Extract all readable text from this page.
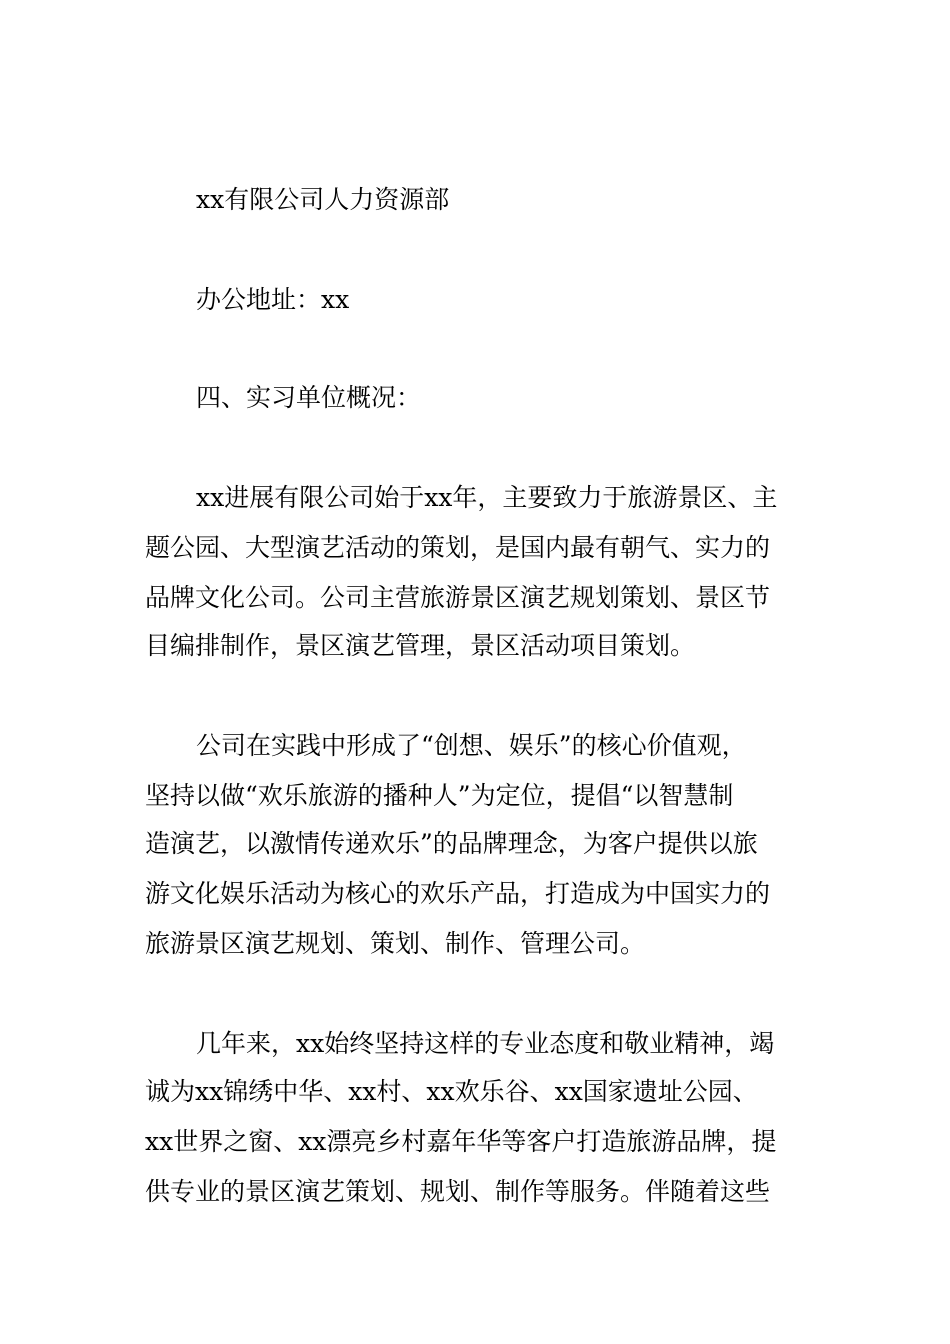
xx有限公司人力资源部
办公地址：xx
四、实习单位概况：
xx进展有限公司始于xx年，主要致力于旅游景区、主
题公园、大型演艺活动的策划，是国内最有朝气、实力的
品牌文化公司。公司主营旅游景区演艺规划策划、景区节
目编排制作，景区演艺管理，景区活动项目策划。
公司在实践中形成了“创想、娱乐”的核心价值观，
坚持以做“欢乐旅游的播种人”为定位，提倡“以智慧制
造演艺，以激情传递欢乐”的品牌理念，为客户提供以旅
游文化娱乐活动为核心的欢乐产品，打造成为中国实力的
旅游景区演艺规划、策划、制作、管理公司。
几年来，xx始终坚持这样的专业态度和敬业精神，竭
诚为xx锦绣中华、xx村、xx欢乐谷、xx国家遗址公园、
xx世界之窗、xx漂亮乡村嘉年华等客户打造旅游品牌，提
供专业的景区演艺策划、规划、制作等服务。伴随着这些
